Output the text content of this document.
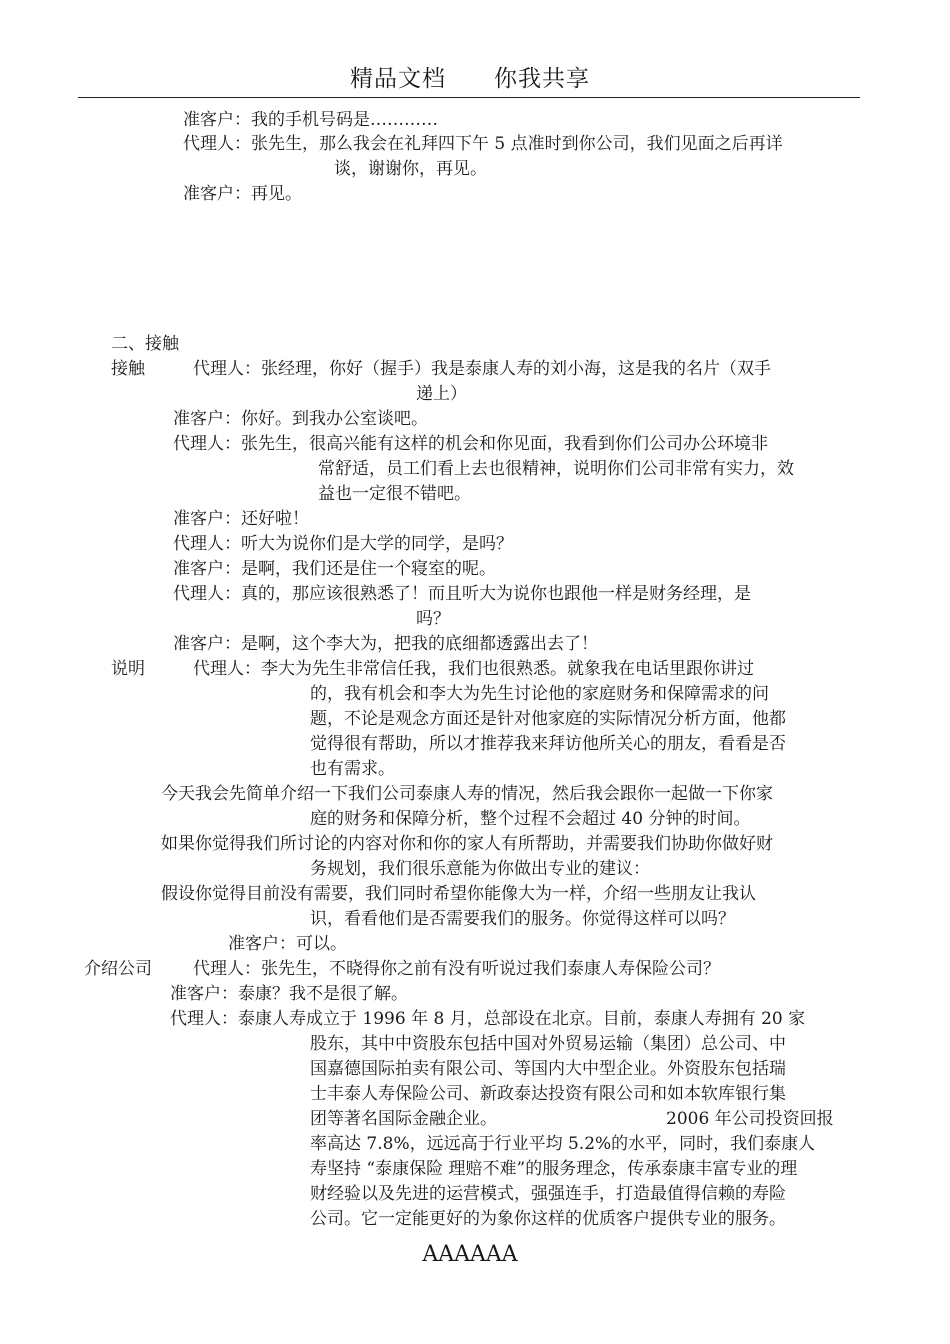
精品文档 你我共享
准客户：我的手机号码是…………
代理人：张先生，那么我会在礼拜四下午 5 点准时到你公司，我们见面之后再详
谈，谢谢你，再见。
准客户：再见。
二、接触
接触	代理人：张经理，你好（握手）我是泰康人寿的刘小海，这是我的名片（双手
递上）
准客户：你好。到我办公室谈吧。
代理人：张先生，很高兴能有这样的机会和你见面，我看到你们公司办公环境非
常舒适，员工们看上去也很精神，说明你们公司非常有实力，效
益也一定很不错吧。
准客户：还好啦！
代理人：听大为说你们是大学的同学，是吗？
准客户：是啊，我们还是住一个寝室的呢。
代理人：真的，那应该很熟悉了！而且听大为说你也跟他一样是财务经理，是
吗？
准客户：是啊，这个李大为，把我的底细都透露出去了！
说明	代理人：李大为先生非常信任我，我们也很熟悉。就象我在电话里跟你讲过
的，我有机会和李大为先生讨论他的家庭财务和保障需求的问
题，不论是观念方面还是针对他家庭的实际情况分析方面，他都
觉得很有帮助，所以才推荐我来拜访他所关心的朋友，看看是否
也有需求。
今天我会先简单介绍一下我们公司泰康人寿的情况，然后我会跟你一起做一下你家
庭的财务和保障分析，整个过程不会超过 40 分钟的时间。
如果你觉得我们所讨论的内容对你和你的家人有所帮助，并需要我们协助你做好财
务规划，我们很乐意能为你做出专业的建议：
假设你觉得目前没有需要，我们同时希望你能像大为一样，介绍一些朋友让我认
识，看看他们是否需要我们的服务。你觉得这样可以吗？
准客户：可以。
介绍公司 代理人：张先生，不晓得你之前有没有听说过我们泰康人寿保险公司？
准客户：泰康？我不是很了解。
代理人：泰康人寿成立于 1996 年 8 月，总部设在北京。目前，泰康人寿拥有 20 家
股东，其中中资股东包括中国对外贸易运输（集团）总公司、中
国嘉德国际拍卖有限公司、等国内大中型企业。外资股东包括瑞
士丰泰人寿保险公司、新政泰达投资有限公司和如本软库银行集
团等著名国际金融企业。	2006 年公司投资回报
率高达 7.8%，远远高于行业平均 5.2%的水平，同时，我们泰康人
寿坚持 “泰康保险 理赔不难”的服务理念，传承泰康丰富专业的理
财经验以及先进的运营模式，强强连手，打造最值得信赖的寿险
公司。它一定能更好的为象你这样的优质客户提供专业的服务。
AAAAAA
